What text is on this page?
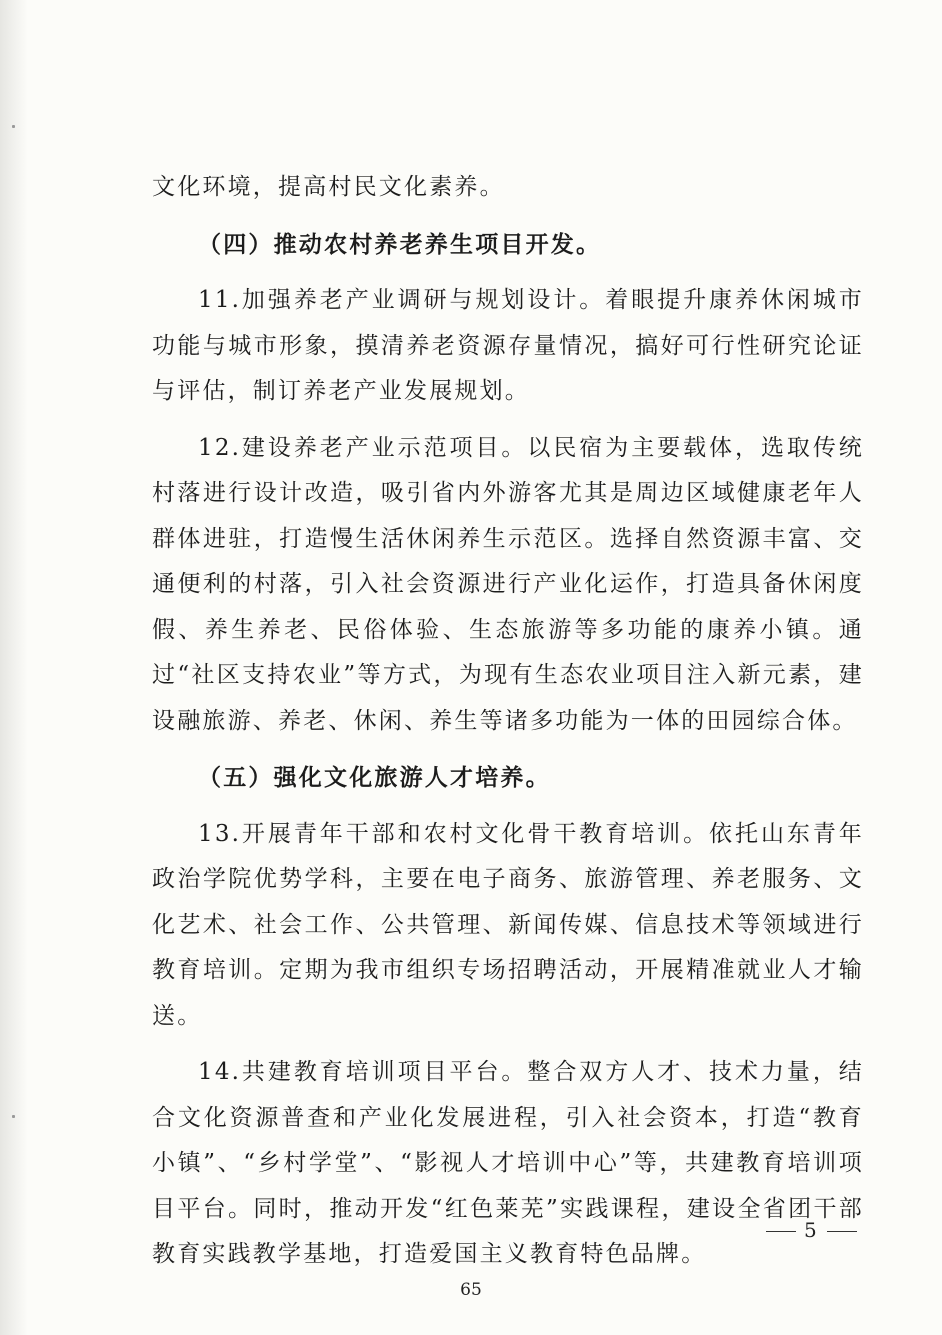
文化环境，提高村民文化素养。

（四）推动农村养老养生项目开发。

11.加强养老产业调研与规划设计。着眼提升康养休闲城市功能与城市形象，摸清养老资源存量情况，搞好可行性研究论证与评估，制订养老产业发展规划。

12.建设养老产业示范项目。以民宿为主要载体，选取传统村落进行设计改造，吸引省内外游客尤其是周边区域健康老年人群体进驻，打造慢生活休闲养生示范区。选择自然资源丰富、交通便利的村落，引入社会资源进行产业化运作，打造具备休闲度假、养生养老、民俗体验、生态旅游等多功能的康养小镇。通过“社区支持农业”等方式，为现有生态农业项目注入新元素，建设融旅游、养老、休闲、养生等诸多功能为一体的田园综合体。

（五）强化文化旅游人才培养。

13.开展青年干部和农村文化骨干教育培训。依托山东青年政治学院优势学科，主要在电子商务、旅游管理、养老服务、文化艺术、社会工作、公共管理、新闻传媒、信息技术等领域进行教育培训。定期为我市组织专场招聘活动，开展精准就业人才输送。

14.共建教育培训项目平台。整合双方人才、技术力量，结合文化资源普查和产业化发展进程，引入社会资本，打造“教育小镇”、“乡村学堂”、“影视人才培训中心”等，共建教育培训项目平台。同时，推动开发“红色莱芜”实践课程，建设全省团干部教育实践教学基地，打造爱国主义教育特色品牌。

5
65
